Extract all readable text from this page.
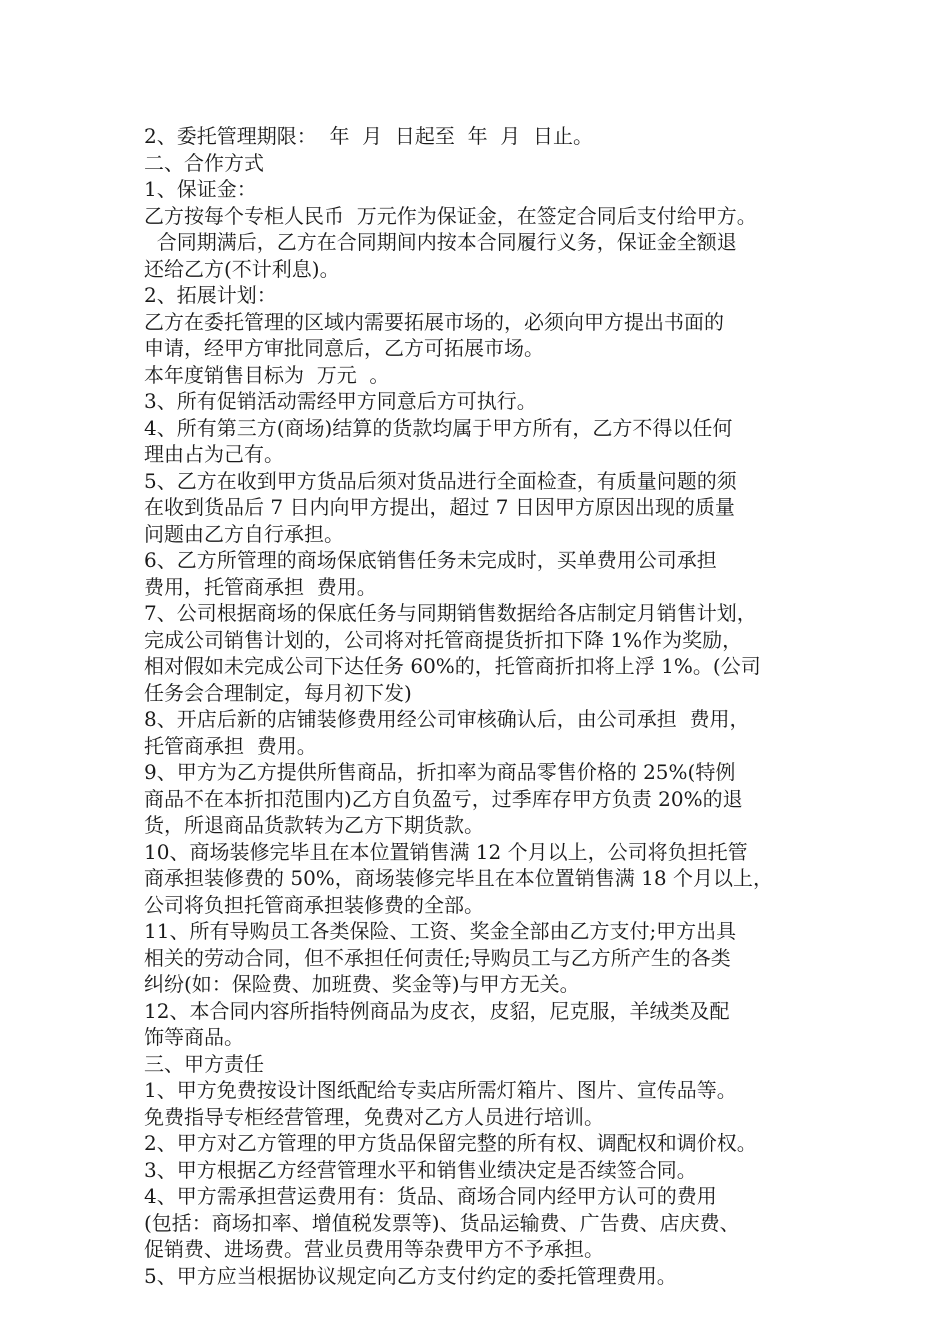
2、委托管理期限：  年  月  日起至  年  月  日止。
二、合作方式
1、保证金：
乙方按每个专柜人民币  万元作为保证金，在签定合同后支付给甲方。
合同期满后，乙方在合同期间内按本合同履行义务，保证金全额退
还给乙方(不计利息)。
2、拓展计划：
乙方在委托管理的区域内需要拓展市场的，必须向甲方提出书面的
申请，经甲方审批同意后，乙方可拓展市场。
本年度销售目标为  万元  。
3、所有促销活动需经甲方同意后方可执行。
4、所有第三方(商场)结算的货款均属于甲方所有，乙方不得以任何
理由占为己有。
5、乙方在收到甲方货品后须对货品进行全面检查，有质量问题的须
在收到货品后 7 日内向甲方提出，超过 7 日因甲方原因出现的质量
问题由乙方自行承担。
6、乙方所管理的商场保底销售任务未完成时，买单费用公司承担
费用，托管商承担  费用。
7、公司根据商场的保底任务与同期销售数据给各店制定月销售计划，
完成公司销售计划的，公司将对托管商提货折扣下降 1%作为奖励，
相对假如未完成公司下达任务 60%的，托管商折扣将上浮 1%。(公司
任务会合理制定，每月初下发)
8、开店后新的店铺装修费用经公司审核确认后，由公司承担  费用，
托管商承担  费用。
9、甲方为乙方提供所售商品，折扣率为商品零售价格的 25%(特例
商品不在本折扣范围内)乙方自负盈亏，过季库存甲方负责 20%的退
货，所退商品货款转为乙方下期货款。
10、商场装修完毕且在本位置销售满 12 个月以上，公司将负担托管
商承担装修费的 50%，商场装修完毕且在本位置销售满 18 个月以上，
公司将负担托管商承担装修费的全部。
11、所有导购员工各类保险、工资、奖金全部由乙方支付;甲方出具
相关的劳动合同，但不承担任何责任;导购员工与乙方所产生的各类
纠纷(如：保险费、加班费、奖金等)与甲方无关。
12、本合同内容所指特例商品为皮衣，皮貂，尼克服，羊绒类及配
饰等商品。
三、甲方责任
1、甲方免费按设计图纸配给专卖店所需灯箱片、图片、宣传品等。
免费指导专柜经营管理，免费对乙方人员进行培训。
2、甲方对乙方管理的甲方货品保留完整的所有权、调配权和调价权。
3、甲方根据乙方经营管理水平和销售业绩决定是否续签合同。
4、甲方需承担营运费用有：货品、商场合同内经甲方认可的费用
(包括：商场扣率、增值税发票等)、货品运输费、广告费、店庆费、
促销费、进场费。营业员费用等杂费甲方不予承担。
5、甲方应当根据协议规定向乙方支付约定的委托管理费用。
